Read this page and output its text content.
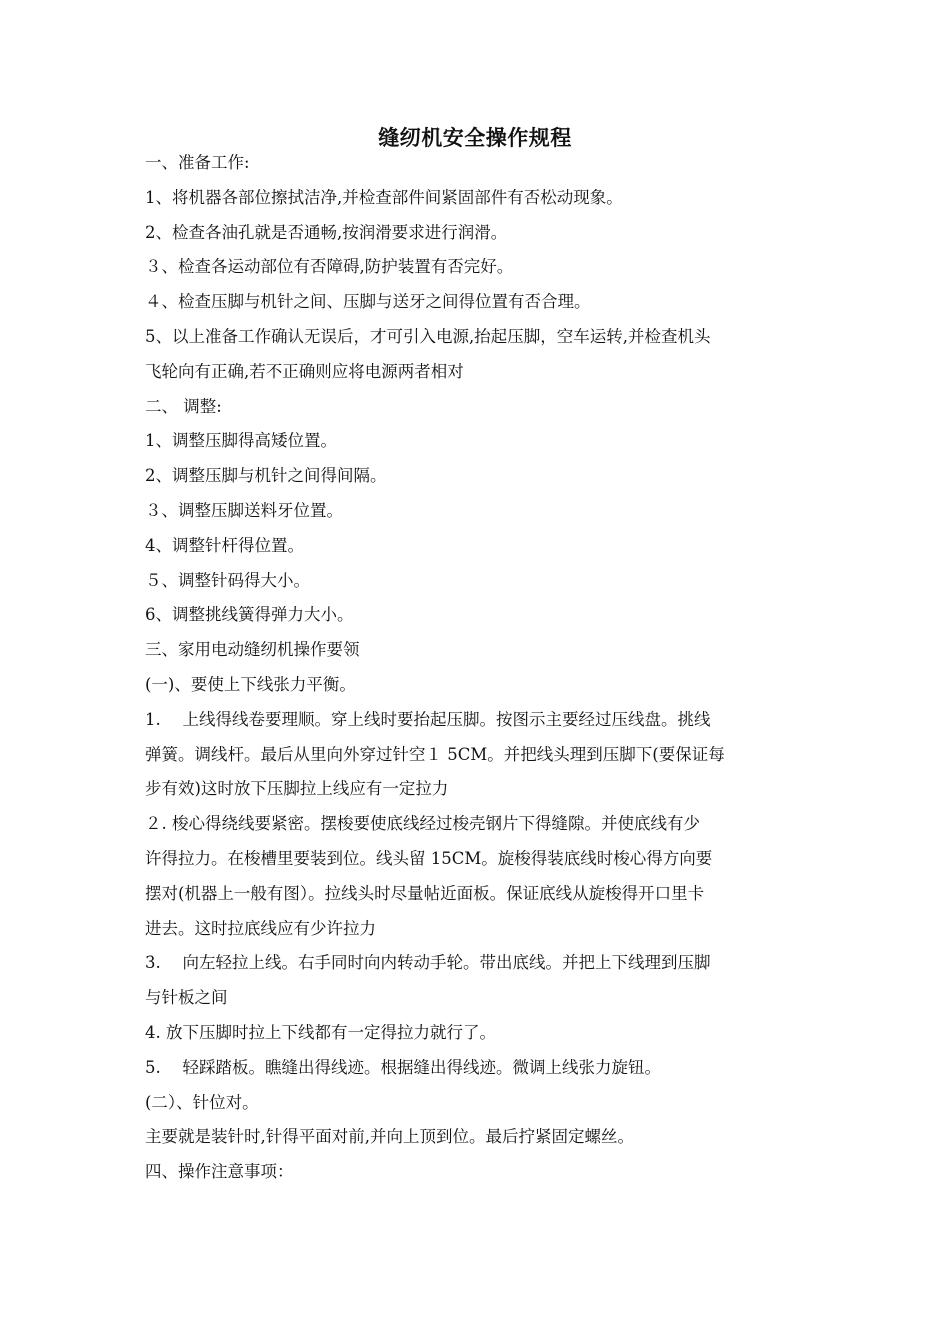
缝纫机安全操作规程
一、准备工作:
1、将机器各部位擦拭洁净,并检查部件间紧固部件有否松动现象。
2、检查各油孔就是否通畅,按润滑要求进行润滑。
３、检查各运动部位有否障碍,防护装置有否完好。
４、检查压脚与机针之间、压脚与送牙之间得位置有否合理。
5、以上准备工作确认无误后，才可引入电源,抬起压脚，空车运转,并检查机头
飞轮向有正确,若不正确则应将电源两者相对
二、 调整:
1、调整压脚得高矮位置。
2、调整压脚与机针之间得间隔。
３、调整压脚送料牙位置。
4、调整针杆得位置。
５、调整针码得大小。
6、调整挑线簧得弹力大小。
三、家用电动缝纫机操作要领
(一)、要使上下线张力平衡。
1.　 上线得线卷要理顺。穿上线时要抬起压脚。按图示主要经过压线盘。挑线
弹簧。调线杆。最后从里向外穿过针空１ 5CM。并把线头理到压脚下(要保证每
步有效)这时放下压脚拉上线应有一定拉力
２. 梭心得绕线要紧密。摆梭要使底线经过梭壳钢片下得缝隙。并使底线有少
许得拉力。在梭槽里要装到位。线头留 15CM。旋梭得装底线时梭心得方向要
摆对(机器上一般有图）。拉线头时尽量帖近面板。保证底线从旋梭得开口里卡
进去。这时拉底线应有少许拉力
3.　 向左轻拉上线。右手同时向内转动手轮。带出底线。并把上下线理到压脚
与针板之间
4. 放下压脚时拉上下线都有一定得拉力就行了。
5.　 轻踩踏板。瞧缝出得线迹。根据缝出得线迹。微调上线张力旋钮。
(二）、针位对。
主要就是装针时,针得平面对前,并向上顶到位。最后拧紧固定螺丝。
四、操作注意事项：
